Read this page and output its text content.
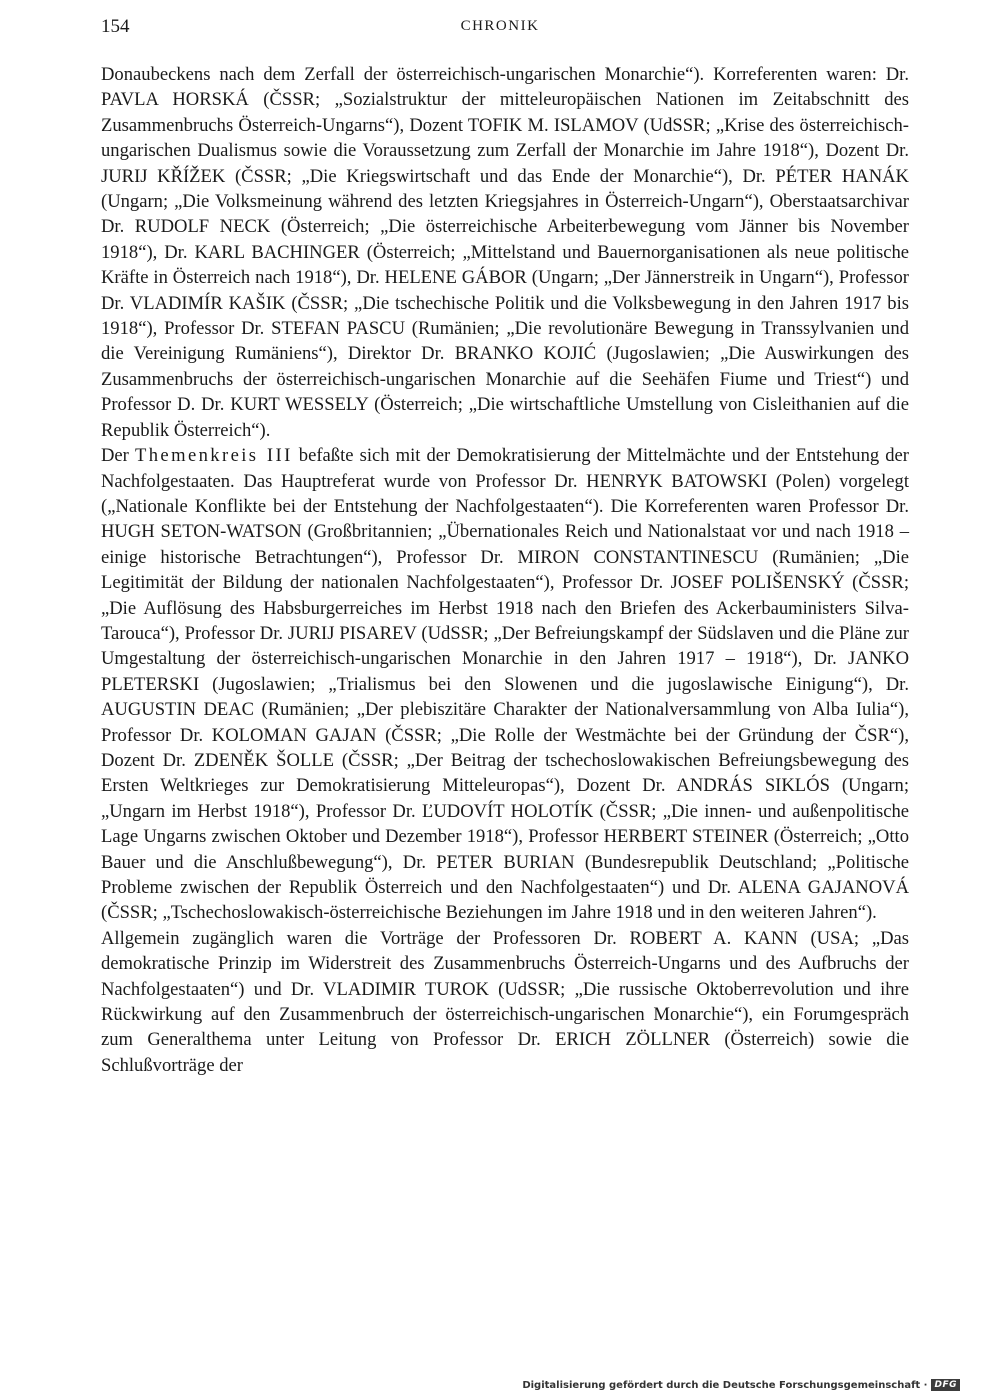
154	CHRONIK

Donaubeckens nach dem Zerfall der österreichisch-ungarischen Monarchie“). Korreferenten waren: Dr. PAVLA HORSKÁ (ČSSR; „Sozialstruktur der mitteleuropäischen Nationen im Zeitabschnitt des Zusammenbruchs Österreich-Ungarns“), Dozent TOFIK M. ISLAMOV (UdSSR; „Krise des österreichisch-ungarischen Dualismus sowie die Voraussetzung zum Zerfall der Monarchie im Jahre 1918“), Dozent Dr. JURIJ KŘÍŽEK (ČSSR; „Die Kriegswirtschaft und das Ende der Monarchie“), Dr. PÉTER HANÁK (Ungarn; „Die Volksmeinung während des letzten Kriegsjahres in Österreich-Ungarn“), Oberstaatsarchivar Dr. RUDOLF NECK (Österreich; „Die österreichische Arbeiterbewegung vom Jänner bis November 1918“), Dr. KARL BACHINGER (Österreich; „Mittelstand und Bauernorganisationen als neue politische Kräfte in Österreich nach 1918“), Dr. HELENE GÁBOR (Ungarn; „Der Jännerstreik in Ungarn“), Professor Dr. VLADIMÍR KAŠIK (ČSSR; „Die tschechische Politik und die Volksbewegung in den Jahren 1917 bis 1918“), Professor Dr. STEFAN PASCU (Rumänien; „Die revolutionäre Bewegung in Transsylvanien und die Vereinigung Rumäniens“), Direktor Dr. BRANKO KOJIĆ (Jugoslawien; „Die Auswirkungen des Zusammenbruchs der österreichisch-ungarischen Monarchie auf die Seehäfen Fiume und Triest“) und Professor D. Dr. KURT WESSELY (Österreich; „Die wirtschaftliche Umstellung von Cisleithanien auf die Republik Österreich“).

Der Themenkreis III befaßte sich mit der Demokratisierung der Mittelmächte und der Entstehung der Nachfolgestaaten. Das Hauptreferat wurde von Professor Dr. HENRYK BATOWSKI (Polen) vorgelegt („Nationale Konflikte bei der Entstehung der Nachfolgestaaten“). Die Korreferenten waren Professor Dr. HUGH SETON-WATSON (Großbritannien; „Übernationales Reich und Nationalstaat vor und nach 1918 – einige historische Betrachtungen“), Professor Dr. MIRON CONSTANTINESCU (Rumänien; „Die Legitimität der Bildung der nationalen Nachfolgestaaten“), Professor Dr. JOSEF POLIŠENSKÝ (ČSSR; „Die Auflösung des Habsburgerreiches im Herbst 1918 nach den Briefen des Ackerbauministers Silva-Tarouca“), Professor Dr. JURIJ PISAREV (UdSSR; „Der Befreiungskampf der Südslaven und die Pläne zur Umgestaltung der österreichisch-ungarischen Monarchie in den Jahren 1917 – 1918“), Dr. JANKO PLETERSKI (Jugoslawien; „Trialismus bei den Slowenen und die jugoslawische Einigung“), Dr. AUGUSTIN DEAC (Rumänien; „Der plebiszitäre Charakter der Nationalversammlung von Alba Iulia“), Professor Dr. KOLOMAN GAJAN (ČSSR; „Die Rolle der Westmächte bei der Gründung der ČSR“), Dozent Dr. ZDENĚK ŠOLLE (ČSSR; „Der Beitrag der tschechoslowakischen Befreiungsbewegung des Ersten Weltkrieges zur Demokratisierung Mitteleuropas“), Dozent Dr. ANDRÁS SIKLÓS (Ungarn; „Ungarn im Herbst 1918“), Professor Dr. ĽUDOVÍT HOLOTÍK (ČSSR; „Die innen- und außenpolitische Lage Ungarns zwischen Oktober und Dezember 1918“), Professor HERBERT STEINER (Österreich; „Otto Bauer und die Anschlußbewegung“), Dr. PETER BURIAN (Bundesrepublik Deutschland; „Politische Probleme zwischen der Republik Österreich und den Nachfolgestaaten“) und Dr. ALENA GAJANOVÁ (ČSSR; „Tschechoslowakisch-österreichische Beziehungen im Jahre 1918 und in den weiteren Jahren“).

Allgemein zugänglich waren die Vorträge der Professoren Dr. ROBERT A. KANN (USA; „Das demokratische Prinzip im Widerstreit des Zusammenbruchs Österreich-Ungarns und des Aufbruchs der Nachfolgestaaten“) und Dr. VLADIMIR TUROK (UdSSR; „Die russische Oktoberrevolution und ihre Rückwirkung auf den Zusammenbruch der österreichisch-ungarischen Monarchie“), ein Forumgespräch zum Generalthema unter Leitung von Professor Dr. ERICH ZÖLLNER (Österreich) sowie die Schlußvorträge der

Digitalisierung gefördert durch die Deutsche Forschungsgemeinschaft · DFG
